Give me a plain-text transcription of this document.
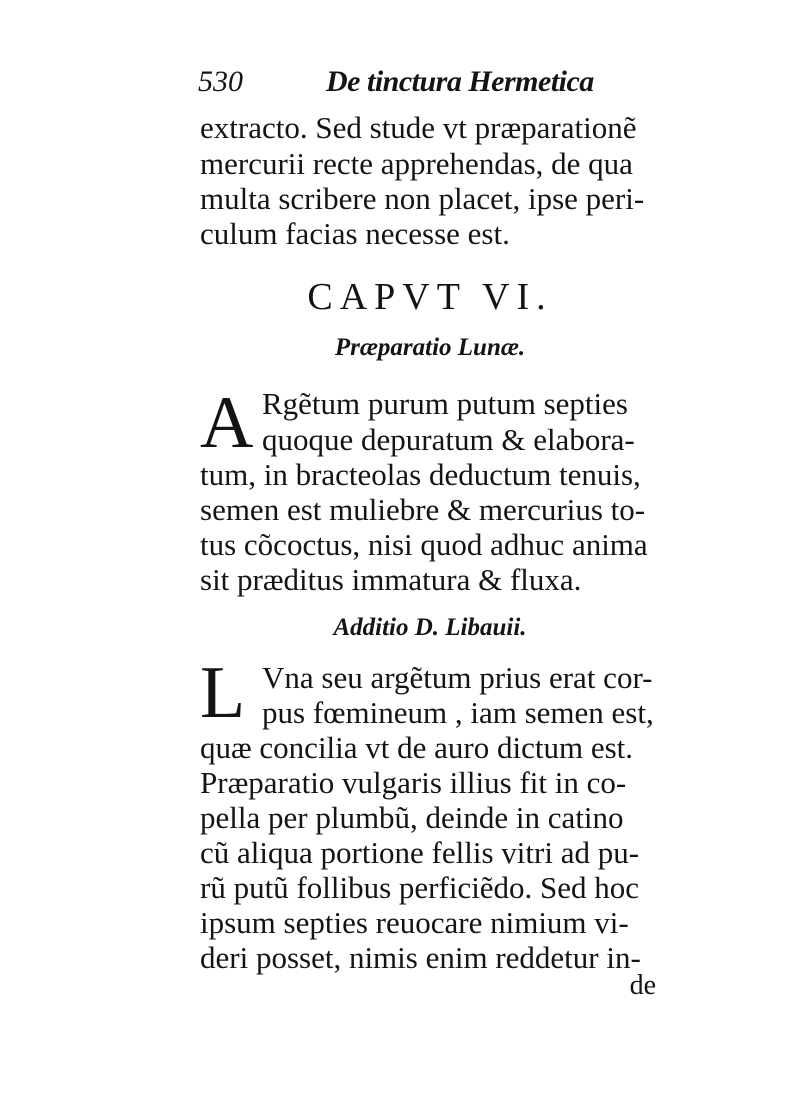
530	De tinctura Hermetica
extracto. Sed stude vt præparationẽ
mercurii recte apprehendas, de qua
multa scribere non placet, ipse peri-
culum facias necesse est.
CAPVT VI.
Præparatio Lunæ.
A Rgẽtum purum putum septies
quoque depuratum & elabora-
tum, in bracteolas deductum tenuis,
semen est muliebre & mercurius to-
tus cõcoctus, nisi quod adhuc anima
sit præditus immatura & fluxa.
Additio D. Libauii.
L Vna seu argẽtum prius erat cor-
pus fœmineum , iam semen est,
quæ concilia vt de auro dictum est.
Præparatio vulgaris illius fit in co-
pella per plumbũ, deinde in catino
cũ aliqua portione fellis vitri ad pu-
rũ putũ follibus perficiẽdo. Sed hoc
ipsum septies reuocare nimium vi-
deri posset, nimis enim reddetur in-
de
